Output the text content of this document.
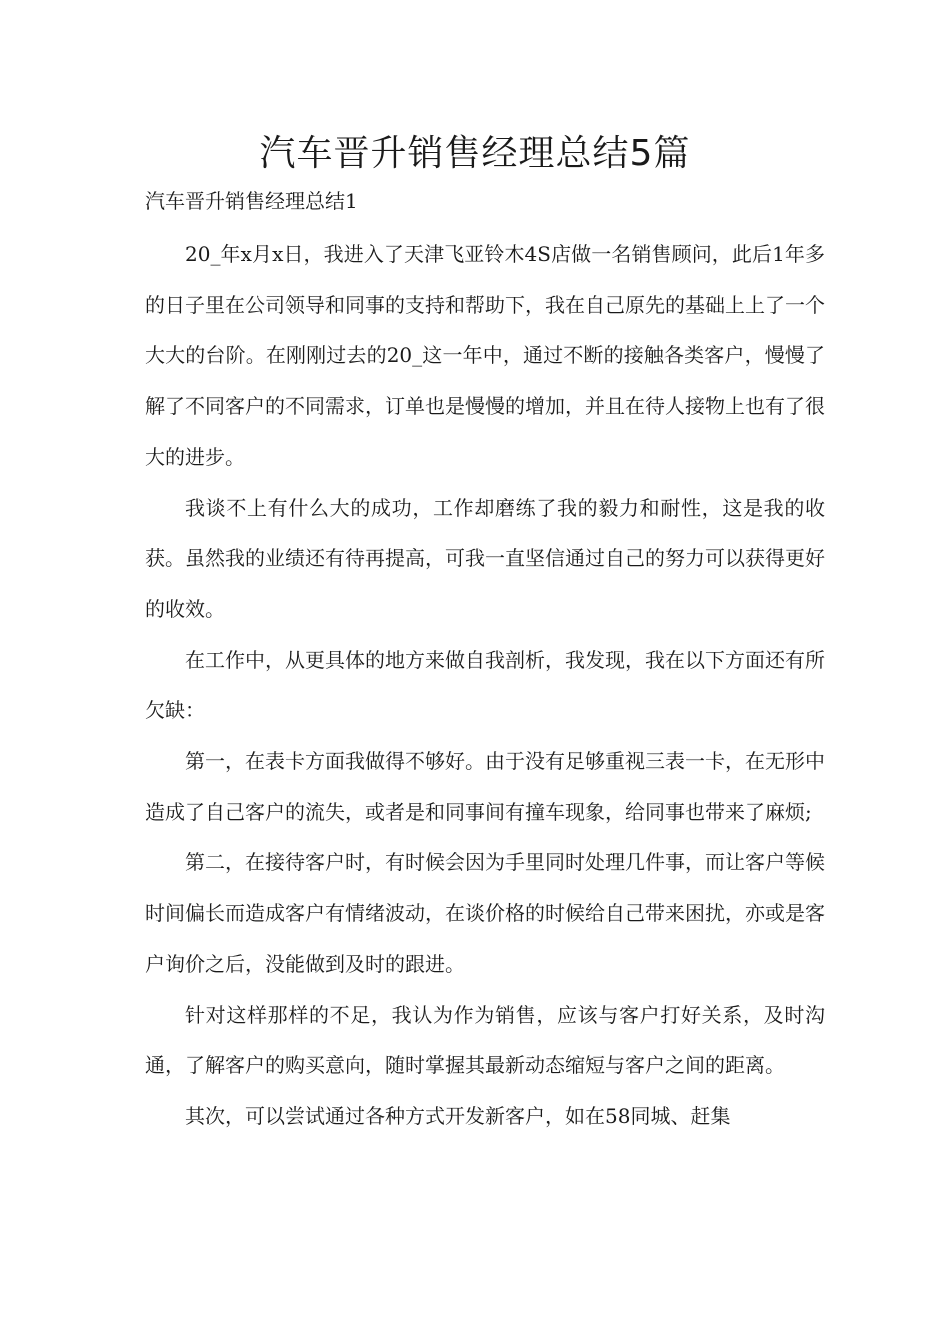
汽车晋升销售经理总结5篇

汽车晋升销售经理总结1

20_年x月x日，我进入了天津飞亚铃木4S店做一名销售顾问，此后1年多的日子里在公司领导和同事的支持和帮助下，我在自己原先的基础上上了一个大大的台阶。在刚刚过去的20_这一年中，通过不断的接触各类客户，慢慢了解了不同客户的不同需求，订单也是慢慢的增加，并且在待人接物上也有了很大的进步。

我谈不上有什么大的成功，工作却磨练了我的毅力和耐性，这是我的收获。虽然我的业绩还有待再提高，可我一直坚信通过自己的努力可以获得更好的收效。

在工作中，从更具体的地方来做自我剖析，我发现，我在以下方面还有所欠缺：

第一，在表卡方面我做得不够好。由于没有足够重视三表一卡，在无形中造成了自己客户的流失，或者是和同事间有撞车现象，给同事也带来了麻烦;

第二，在接待客户时，有时候会因为手里同时处理几件事，而让客户等候时间偏长而造成客户有情绪波动，在谈价格的时候给自己带来困扰，亦或是客户询价之后，没能做到及时的跟进。

针对这样那样的不足，我认为作为销售，应该与客户打好关系，及时沟通，了解客户的购买意向，随时掌握其最新动态缩短与客户之间的距离。

其次，可以尝试通过各种方式开发新客户，如在58同城、赶集
